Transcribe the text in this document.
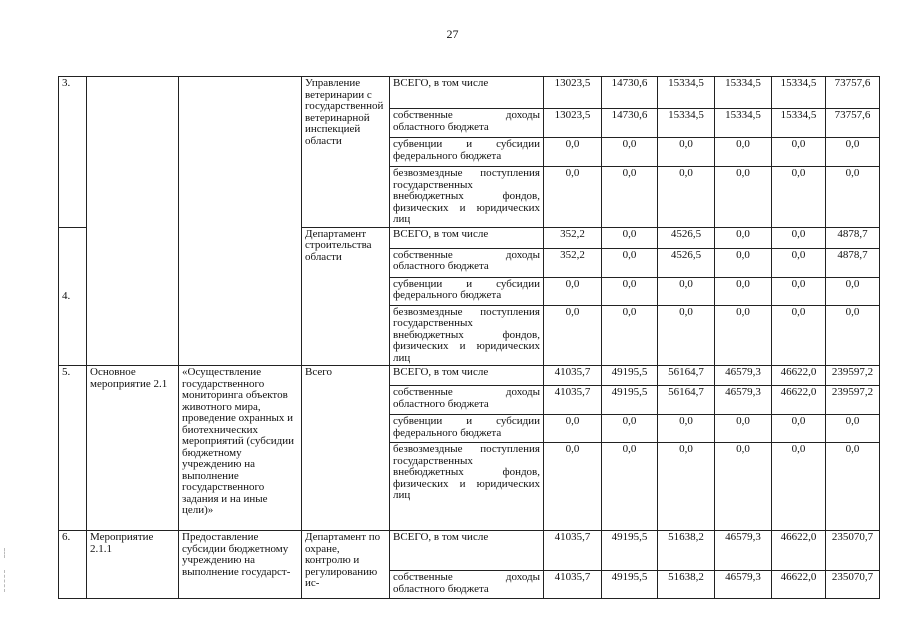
27
3.			Управление ветеринарии с государственной ветеринарной инспекцией области	ВСЕГО, в том числе	13023,5	14730,6	15334,5	15334,5	15334,5	73757,6
				собственные доходы областного бюджета	13023,5	14730,6	15334,5	15334,5	15334,5	73757,6
				субвенции и субсидии федерального бюджета	0,0	0,0	0,0	0,0	0,0	0,0
				безвозмездные поступления государственных внебюджетных фондов, физических и юридических лиц	0,0	0,0	0,0	0,0	0,0	0,0
4.			Департамент строительства области	ВСЕГО, в том числе	352,2	0,0	4526,5	0,0	0,0	4878,7
				собственные доходы областного бюджета	352,2	0,0	4526,5	0,0	0,0	4878,7
				субвенции и субсидии федерального бюджета	0,0	0,0	0,0	0,0	0,0	0,0
				безвозмездные поступления государственных внебюджетных фондов, физических и юридических лиц	0,0	0,0	0,0	0,0	0,0	0,0
5.	Основное мероприятие 2.1	«Осуществление государственного мониторинга объектов животного мира, проведение охранных и биотехнических мероприятий (субсидии бюджетному учреждению на выполнение государственного задания и на иные цели)»	Всего	ВСЕГО, в том числе	41035,7	49195,5	56164,7	46579,3	46622,0	239597,2
				собственные доходы областного бюджета	41035,7	49195,5	56164,7	46579,3	46622,0	239597,2
				субвенции и субсидии федерального бюджета	0,0	0,0	0,0	0,0	0,0	0,0
				безвозмездные поступления государственных внебюджетных фондов, физических и юридических лиц	0,0	0,0	0,0	0,0	0,0	0,0
6.	Мероприятие 2.1.1	Предоставление субсидии бюджетному учреждению на выполнение государст-	Департамент по охране, контролю и регулированию ис-	ВСЕГО, в том числе	41035,7	49195,5	51638,2	46579,3	46622,0	235070,7
				собственные доходы областного бюджета	41035,7	49195,5	51638,2	46579,3	46622,0	235070,7
